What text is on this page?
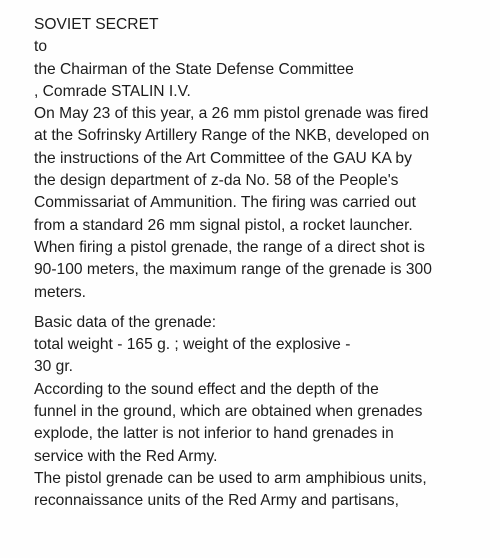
SOVIET SECRET
to
the Chairman of the State Defense Committee
, Comrade STALIN I.V.
On May 23 of this year, a 26 mm pistol grenade was fired
at the Sofrinsky Artillery Range of the NKB, developed on
the instructions of the Art Committee of the GAU KA by
the design department of z-da No. 58 of the People's
Commissariat of Ammunition. The firing was carried out
from a standard 26 mm signal pistol, a rocket launcher.
When firing a pistol grenade, the range of a direct shot is
90-100 meters, the maximum range of the grenade is 300
meters.
Basic data of the grenade:
total weight - 165 g. ; weight of the explosive -
30 gr.
According to the sound effect and the depth of the
funnel in the ground, which are obtained when grenades
explode, the latter is not inferior to hand grenades in
service with the Red Army.
The pistol grenade can be used to arm amphibious units,
reconnaissance units of the Red Army and partisans,
